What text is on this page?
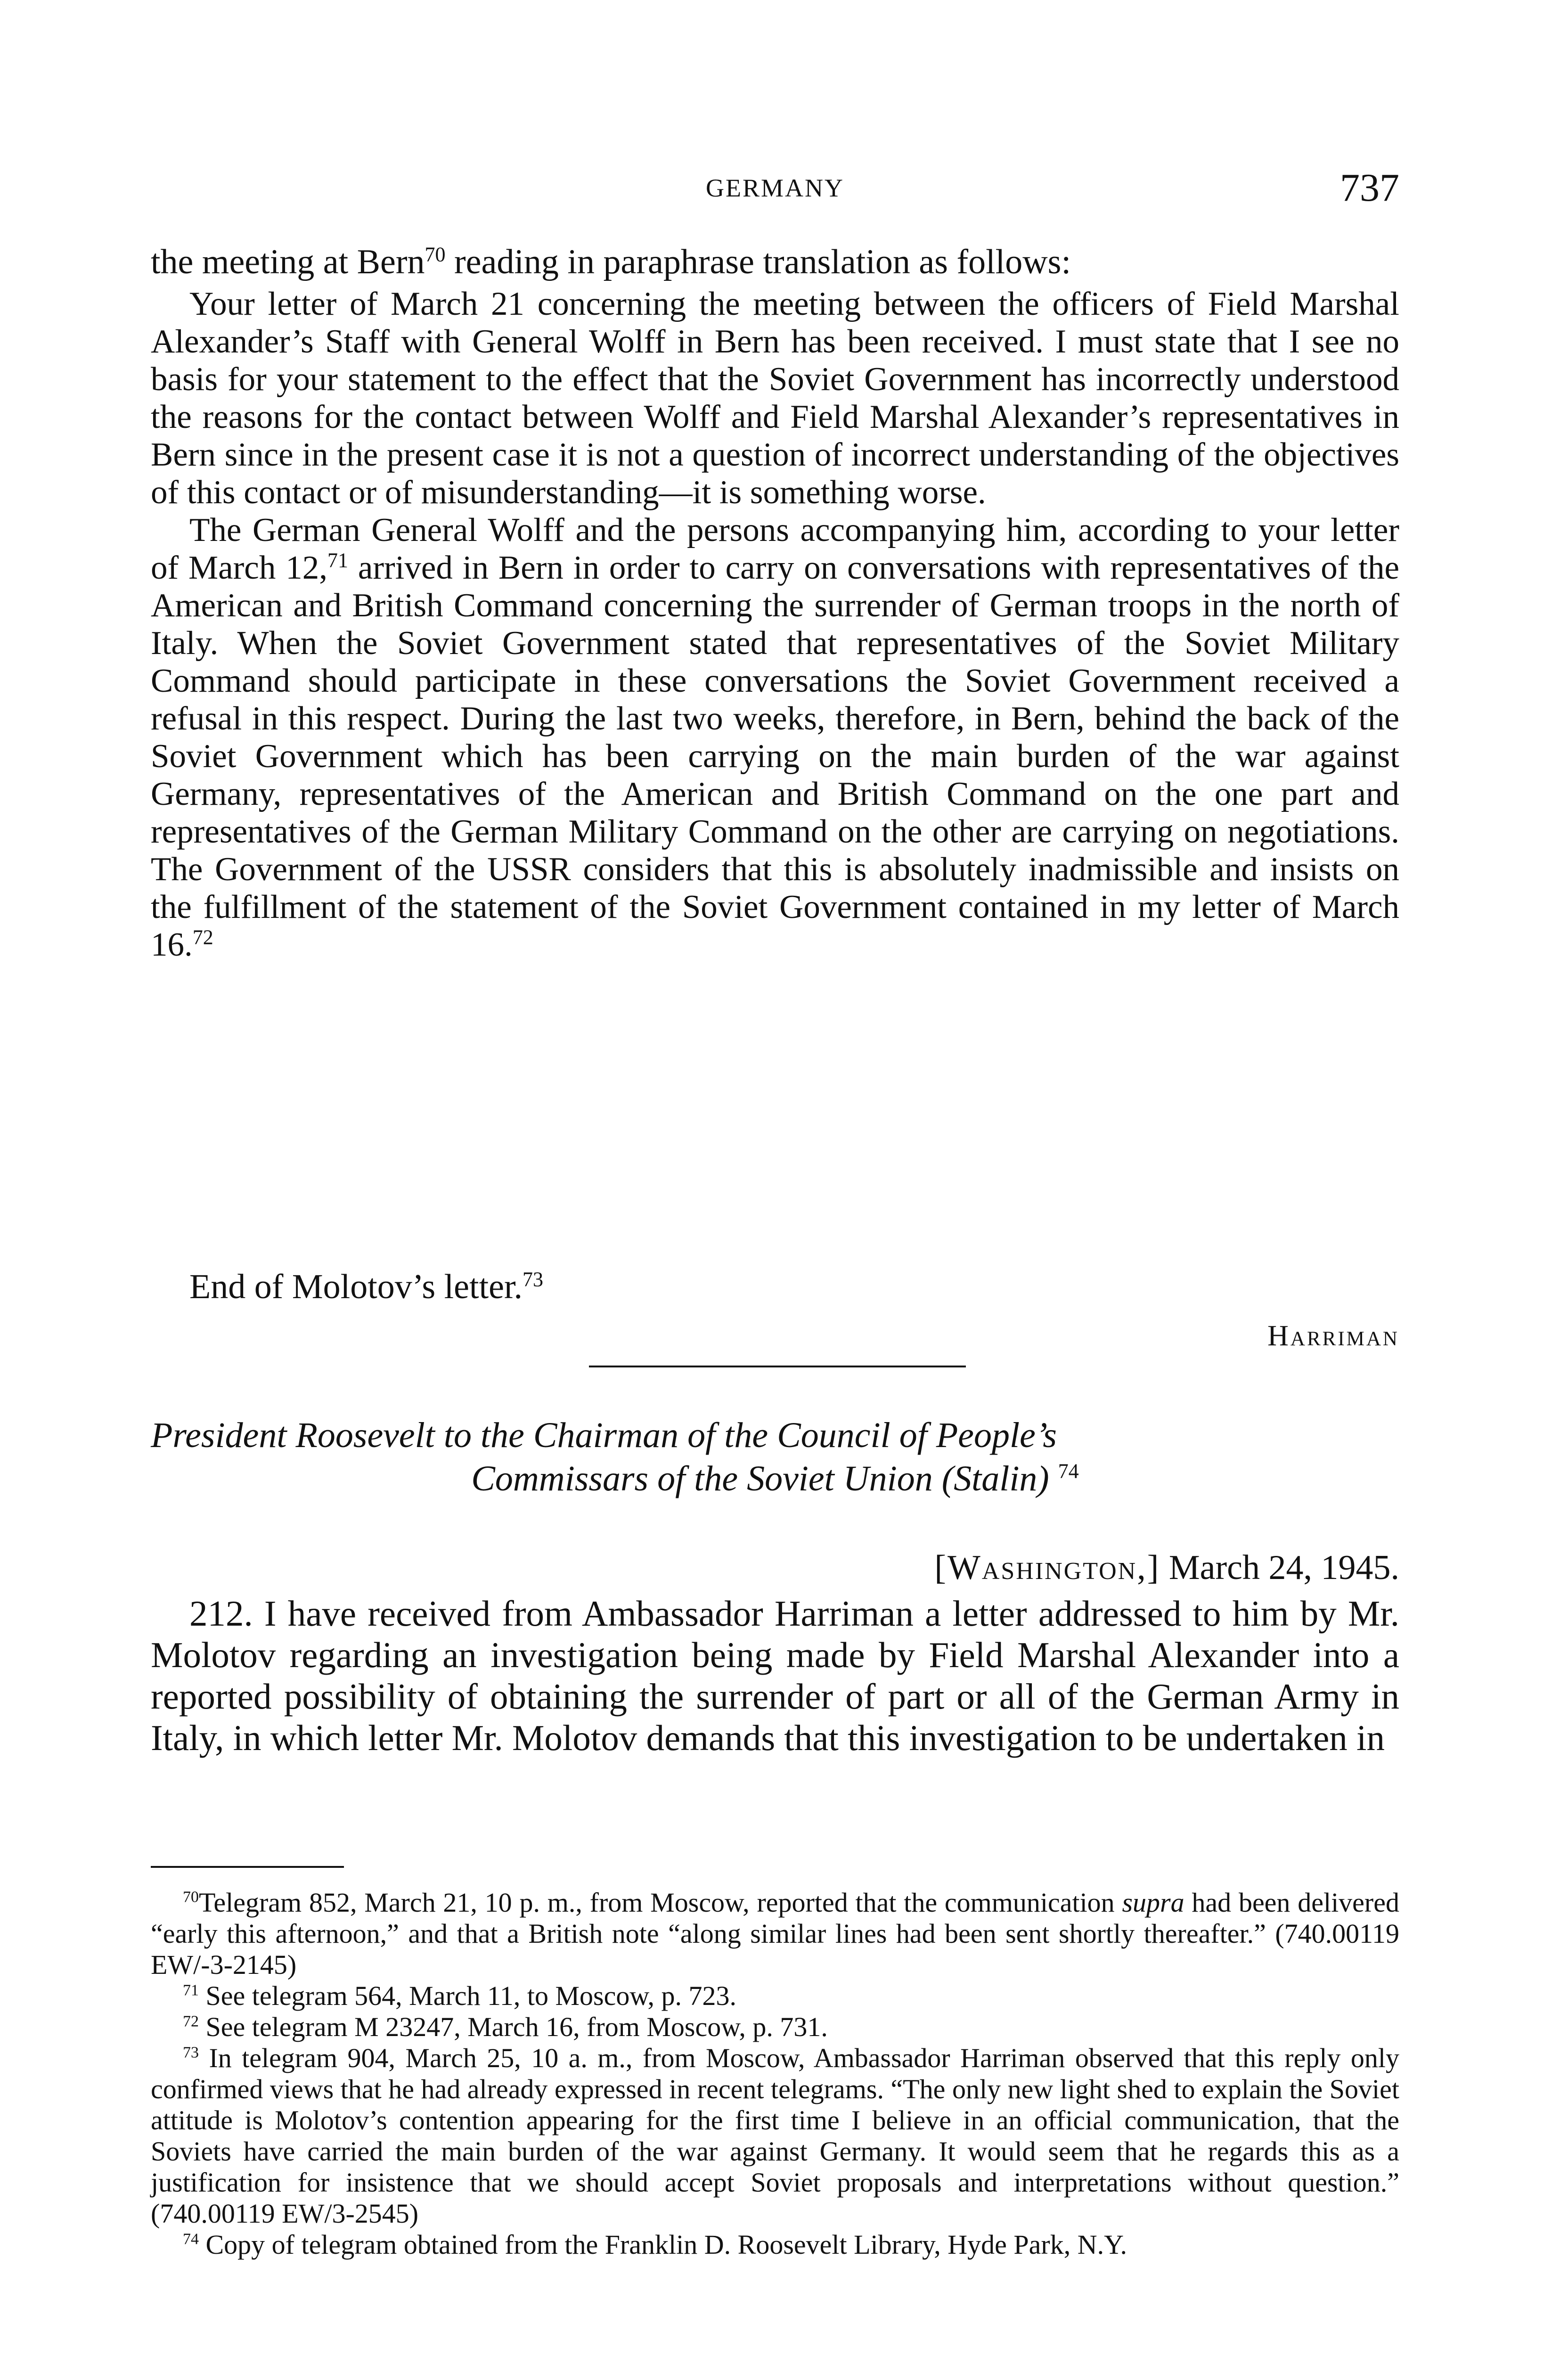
GERMANY	737

the meeting at Bern$^{70}$ reading in paraphrase translation as follows:

Your letter of March 21 concerning the meeting between the officers of Field Marshal Alexander’s Staff with General Wolff in Bern has been received. I must state that I see no basis for your statement to the effect that the Soviet Government has incorrectly understood the reasons for the contact between Wolff and Field Marshal Alexander’s representatives in Bern since in the present case it is not a question of incorrect understanding of the objectives of this contact or of misunderstanding—it is something worse.

The German General Wolff and the persons accompanying him, according to your letter of March 12,71 arrived in Bern in order to carry on conversations with representatives of the American and British Command concerning the surrender of German troops in the north of Italy. When the Soviet Government stated that representatives of the Soviet Military Command should participate in these conversations the Soviet Government received a refusal in this respect. During the last two weeks, therefore, in Bern, behind the back of the Soviet Government which has been carrying on the main burden of the war against Germany, representatives of the American and British Command on the one part and representatives of the German Military Command on the other are carrying on negotiations. The Government of the USSR considers that this is absolutely inadmissible and insists on the fulfillment of the statement of the Soviet Government contained in my letter of March 16.72

End of Molotov’s letter.$^{73}$

Harriman
President Roosevelt to the Chairman of the Council of People’s
Commissars of the Soviet Union (Stalin) $^{74}$
[Washington,] March 24, 1945.

212. I have received from Ambassador Harriman a letter addressed to him by Mr. Molotov regarding an investigation being made by Field Marshal Alexander into a reported possibility of obtaining the surrender of part or all of the German Army in Italy, in which letter Mr. Molotov demands that this investigation to be undertaken in

$^{70}$Telegram 852, March 21, 10 p. m., from Moscow, reported that the communication supra had been delivered “early this afternoon,” and that a British note “along similar lines had been sent shortly thereafter.” (740.00119 EW/-3-2145)

$^{71}$ See telegram 564, March 11, to Moscow, p. 723.

$^{72}$ See telegram M 23247, March 16, from Moscow, p. 731.

$^{73}$ In telegram 904, March 25, 10 a. m., from Moscow, Ambassador Harriman observed that this reply only confirmed views that he had already expressed in recent telegrams. “The only new light shed to explain the Soviet attitude is Molotov’s contention appearing for the first time I believe in an official communication, that the Soviets have carried the main burden of the war against Germany. It would seem that he regards this as a justification for insistence that we should accept Soviet proposals and interpretations without question.” (740.00119 EW/3-2545)

$^{74}$ Copy of telegram obtained from the Franklin D. Roosevelt Library, Hyde Park, N.Y.
